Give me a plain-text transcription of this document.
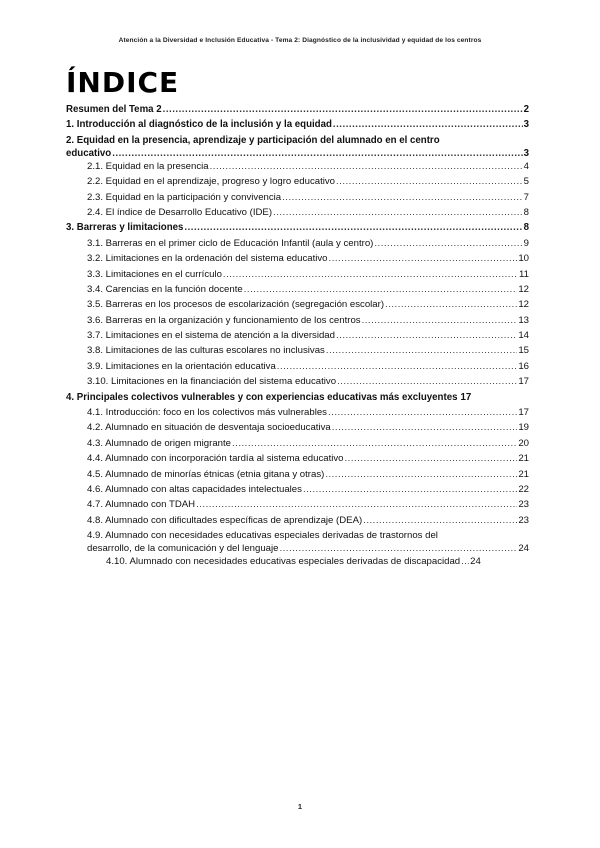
Atención a la Diversidad e Inclusión Educativa - Tema 2: Diagnóstico de la inclusividad y equidad de los centros
ÍNDICE
Resumen del Tema 2 .....	2
1. Introducción al diagnóstico de la inclusión y la equidad .....	3
2. Equidad en la presencia, aprendizaje y participación del alumnado en el centro
educativo .....	3
2.1. Equidad en la presencia .....	4
2.2. Equidad en el aprendizaje, progreso y logro educativo .....	5
2.3. Equidad en la participación y convivencia .....	7
2.4. El índice de Desarrollo Educativo (IDE) .....	8
3. Barreras y limitaciones .....	8
3.1. Barreras en el primer ciclo de Educación Infantil (aula y centro) .....	9
3.2. Limitaciones en la ordenación del sistema educativo .....	10
3.3. Limitaciones en el currículo .....	11
3.4. Carencias en la función docente .....	12
3.5. Barreras en los procesos de escolarización (segregación escolar) .....	12
3.6. Barreras en la organización y funcionamiento de los centros .....	13
3.7. Limitaciones en el sistema de atención a la diversidad .....	14
3.8. Limitaciones de las culturas escolares no inclusivas .....	15
3.9. Limitaciones en la orientación educativa .....	16
3.10. Limitaciones en la financiación del sistema educativo .....	17
4. Principales colectivos vulnerables y con experiencias educativas más excluyentes 17
4.1. Introducción: foco en los colectivos más vulnerables .....	17
4.2. Alumnado en situación de desventaja socioeducativa .....	19
4.3. Alumnado de origen migrante .....	20
4.4. Alumnado con incorporación tardía al sistema educativo .....	21
4.5. Alumnado de minorías étnicas (etnia gitana y otras) .....	21
4.6. Alumnado con altas capacidades intelectuales .....	22
4.7. Alumnado con TDAH .....	23
4.8. Alumnado con dificultades específicas de aprendizaje (DEA) .....	23
4.9. Alumnado con necesidades educativas especiales derivadas de trastornos del
desarrollo, de la comunicación y del lenguaje .....	24
4.10. Alumnado con necesidades educativas especiales derivadas de discapacidad ..... 24
1
